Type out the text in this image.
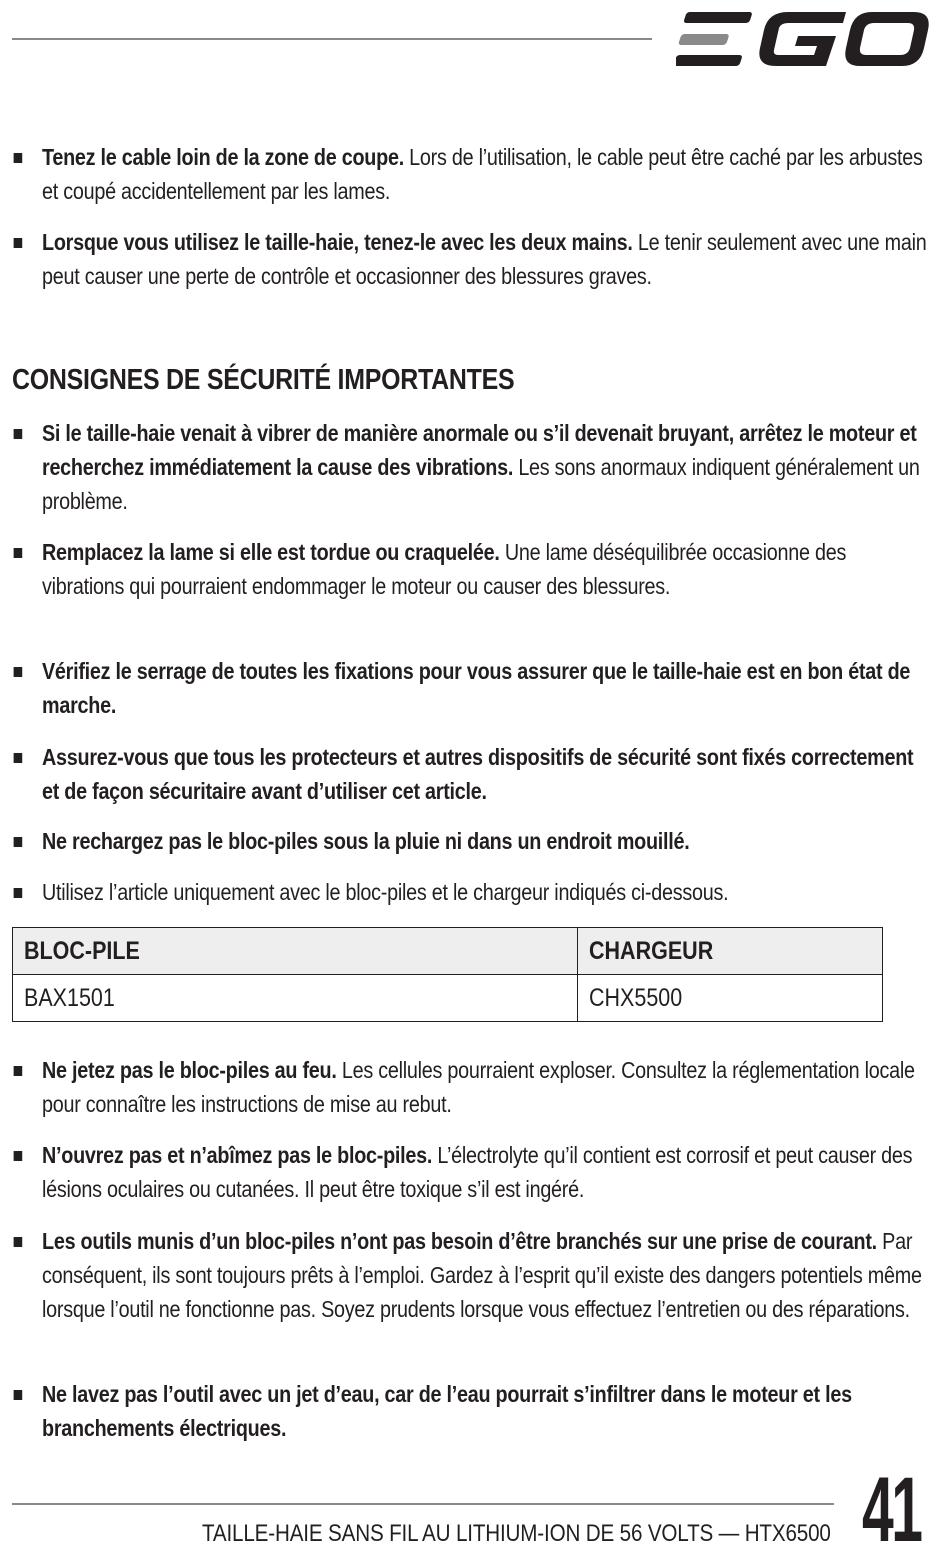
Tenez le cable loin de la zone de coupe. Lors de l’utilisation, le cable peut être caché par les arbustes et coupé accidentellement par les lames.
Lorsque vous utilisez le taille-haie, tenez-le avec les deux mains. Le tenir seulement avec une main peut causer une perte de contrôle et occasionner des blessures graves.
CONSIGNES DE SÉCURITÉ IMPORTANTES
Si le taille-haie venait à vibrer de manière anormale ou s’il devenait bruyant, arrêtez le moteur et recherchez immédiatement la cause des vibrations. Les sons anormaux indiquent généralement un problème.
Remplacez la lame si elle est tordue ou craquelée. Une lame déséquilibrée occasionne des vibrations qui pourraient endommager le moteur ou causer des blessures.
Vérifiez le serrage de toutes les fixations pour vous assurer que le taille-haie est en bon état de marche.
Assurez-vous que tous les protecteurs et autres dispositifs de sécurité sont fixés correctement et de façon sécuritaire avant d’utiliser cet article.
Ne rechargez pas le bloc-piles sous la pluie ni dans un endroit mouillé.
Utilisez l’article uniquement avec le bloc-piles et le chargeur indiqués ci-dessous.
BLOC-PILE	CHARGEUR
BAX1501	CHX5500
Ne jetez pas le bloc-piles au feu. Les cellules pourraient exploser. Consultez la réglementation locale pour connaître les instructions de mise au rebut.
N’ouvrez pas et n’abîmez pas le bloc-piles. L’électrolyte qu’il contient est corrosif et peut causer des lésions oculaires ou cutanées. Il peut être toxique s’il est ingéré.
Les outils munis d’un bloc-piles n’ont pas besoin d’être branchés sur une prise de courant. Par conséquent, ils sont toujours prêts à l’emploi. Gardez à l’esprit qu’il existe des dangers potentiels même lorsque l’outil ne fonctionne pas. Soyez prudents lorsque vous effectuez l’entretien ou des réparations.
Ne lavez pas l’outil avec un jet d’eau, car de l’eau pourrait s’infiltrer dans le moteur et les branchements électriques.
TAILLE-HAIE SANS FIL AU LITHIUM-ION DE 56 VOLTS — HTX6500 41
